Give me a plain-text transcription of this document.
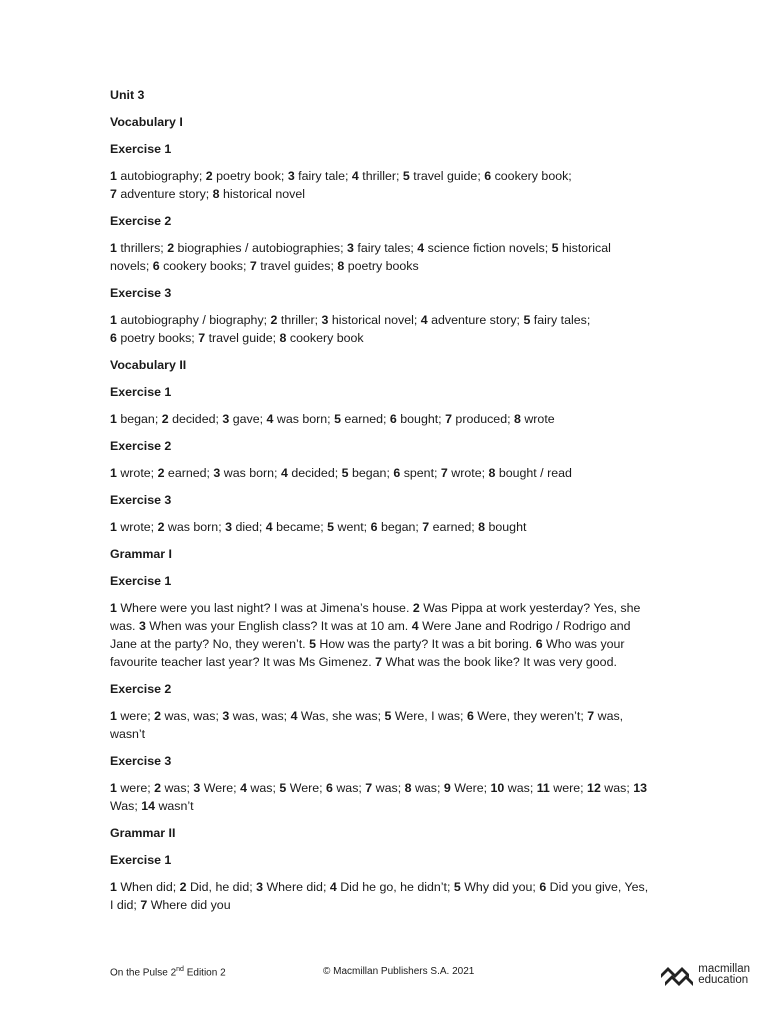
Unit 3
Vocabulary I
Exercise 1
1 autobiography; 2 poetry book; 3 fairy tale; 4 thriller; 5 travel guide; 6 cookery book;
7 adventure story; 8 historical novel
Exercise 2
1 thrillers; 2 biographies / autobiographies; 3 fairy tales; 4 science fiction novels; 5 historical novels; 6 cookery books; 7 travel guides; 8 poetry books
Exercise 3
1 autobiography / biography; 2 thriller; 3 historical novel; 4 adventure story; 5 fairy tales;
6 poetry books; 7 travel guide; 8 cookery book
Vocabulary II
Exercise 1
1 began; 2 decided; 3 gave; 4 was born; 5 earned; 6 bought; 7 produced; 8 wrote
Exercise 2
1 wrote; 2 earned; 3 was born; 4 decided; 5 began; 6 spent; 7 wrote; 8 bought / read
Exercise 3
1 wrote; 2 was born; 3 died; 4 became; 5 went; 6 began; 7 earned; 8 bought
Grammar I
Exercise 1
1 Where were you last night? I was at Jimena’s house. 2 Was Pippa at work yesterday? Yes, she was. 3 When was your English class? It was at 10 am. 4 Were Jane and Rodrigo / Rodrigo and Jane at the party? No, they weren’t. 5 How was the party? It was a bit boring. 6 Who was your favourite teacher last year? It was Ms Gimenez. 7 What was the book like? It was very good.
Exercise 2
1 were; 2 was, was; 3 was, was; 4 Was, she was; 5 Were, I was; 6 Were, they weren’t; 7 was, wasn’t
Exercise 3
1 were; 2 was; 3 Were; 4 was; 5 Were; 6 was; 7 was; 8 was; 9 Were; 10 was; 11 were; 12 was; 13 Was; 14 wasn’t
Grammar II
Exercise 1
1 When did; 2 Did, he did; 3 Where did; 4 Did he go, he didn’t; 5 Why did you; 6 Did you give, Yes, I did; 7 Where did you
On the Pulse 2nd Edition 2	© Macmillan Publishers S.A. 2021	macmillan
education
